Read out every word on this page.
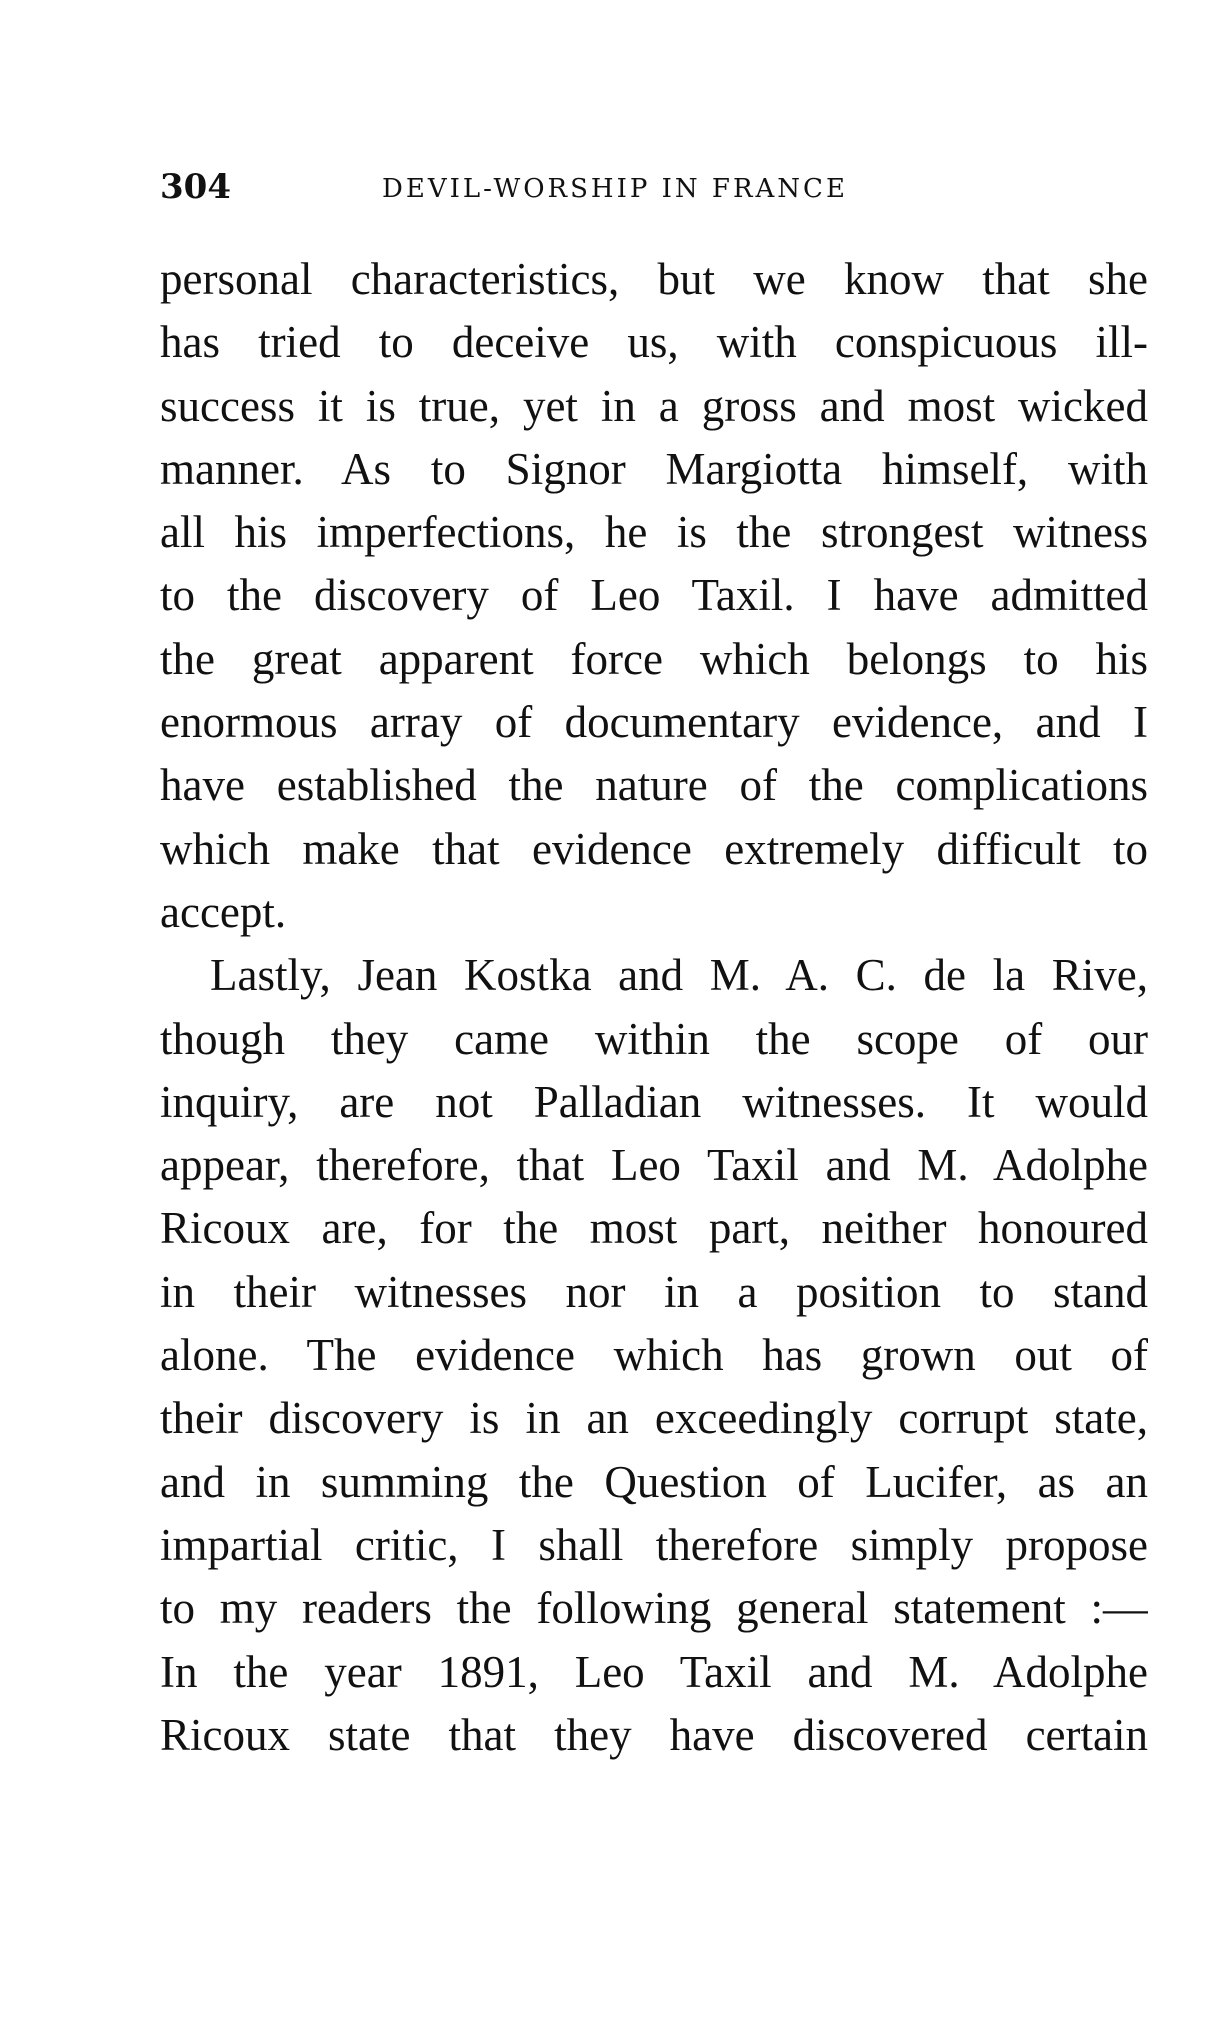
304	DEVIL-WORSHIP IN FRANCE
personal characteristics, but we know that she
has tried to deceive us, with conspicuous ill-
success it is true, yet in a gross and most wicked
manner. As to Signor Margiotta himself, with
all his imperfections, he is the strongest witness
to the discovery of Leo Taxil. I have admitted
the great apparent force which belongs to his
enormous array of documentary evidence, and I
have established the nature of the complications
which make that evidence extremely difficult to
accept.
Lastly, Jean Kostka and M. A. C. de la Rive,
though they came within the scope of our
inquiry, are not Palladian witnesses. It would
appear, therefore, that Leo Taxil and M. Adolphe
Ricoux are, for the most part, neither honoured
in their witnesses nor in a position to stand
alone. The evidence which has grown out of
their discovery is in an exceedingly corrupt state,
and in summing the Question of Lucifer, as an
impartial critic, I shall therefore simply propose
to my readers the following general statement :—
In the year 1891, Leo Taxil and M. Adolphe
Ricoux state that they have discovered certain
